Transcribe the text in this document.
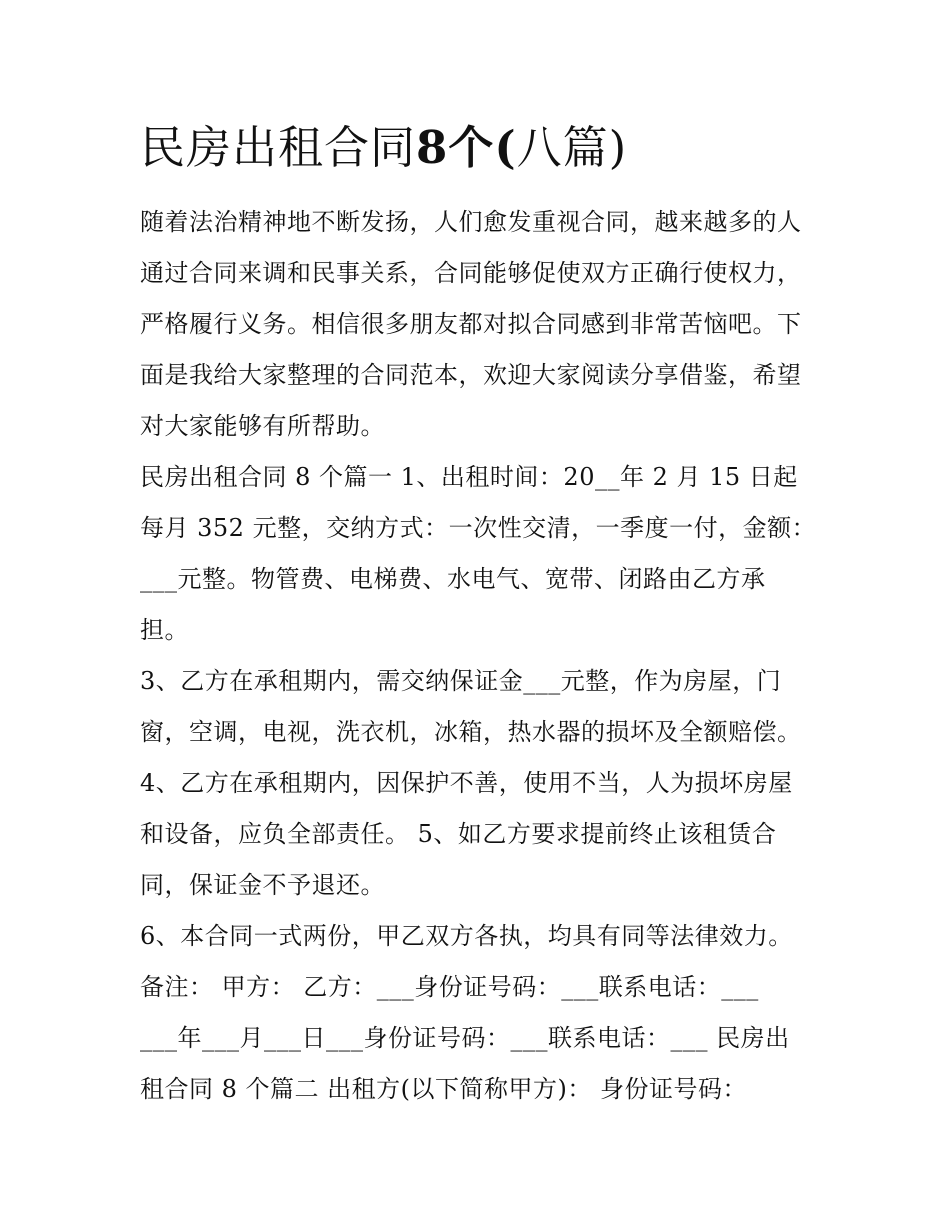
民房出租合同8个(八篇)

随着法治精神地不断发扬，人们愈发重视合同，越来越多的人

通过合同来调和民事关系，合同能够促使双方正确行使权力，

严格履行义务。相信很多朋友都对拟合同感到非常苦恼吧。下

面是我给大家整理的合同范本，欢迎大家阅读分享借鉴，希望

对大家能够有所帮助。

民房出租合同 8 个篇一 1、出租时间：20__年 2 月 15 日起

每月 352 元整，交纳方式：一次性交清，一季度一付，金额：

___元整。物管费、电梯费、水电气、宽带、闭路由乙方承

担。

3、乙方在承租期内，需交纳保证金___元整，作为房屋，门

窗，空调，电视，洗衣机，冰箱，热水器的损坏及全额赔偿。

4、乙方在承租期内，因保护不善，使用不当，人为损坏房屋

和设备，应负全部责任。 5、如乙方要求提前终止该租赁合

同，保证金不予退还。

6、本合同一式两份，甲乙双方各执，均具有同等法律效力。

备注： 甲方： 乙方：___身份证号码：___联系电话：___

___年___月___日___身份证号码：___联系电话：___ 民房出

租合同 8 个篇二 出租方(以下简称甲方)： 身份证号码：
